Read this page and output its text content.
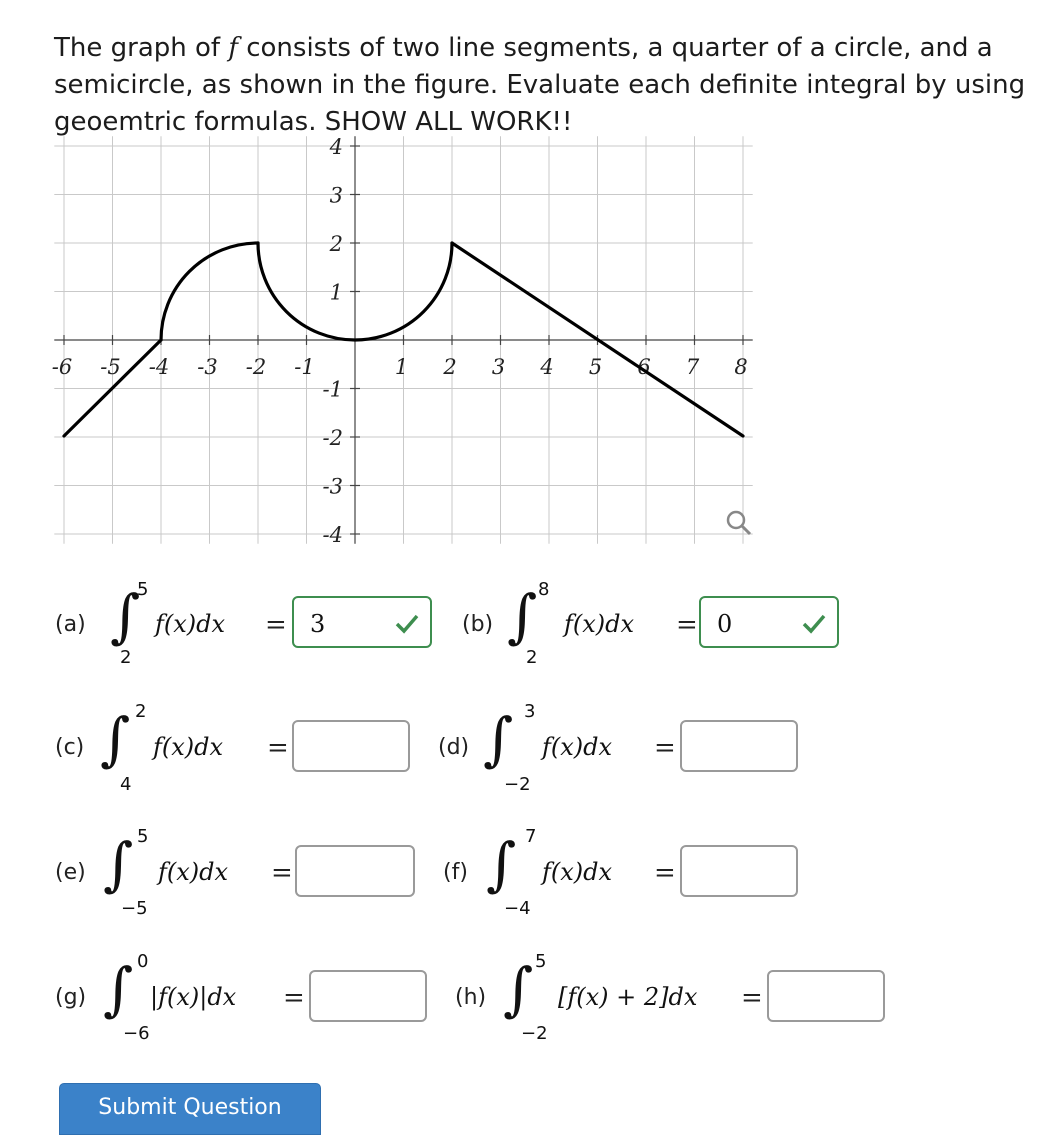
The graph of f consists of two line segments, a quarter of a circle, and a semicircle, as shown in the figure. Evaluate each definite integral by using geoemtric formulas. SHOW ALL WORK!!
-6 -5 -4 -3 -2 -1	1 2 3 4 5 6 7 8
4
3
2
1
-1
-2
-3
-4
(a) ∫
5
2
f(x)dx = 3	(b) ∫ 8
2
f(x)dx = 0
(c) ∫ 2
4
f(x)dx =	(d) ∫ 3
−2
f(x)dx =
(e) ∫ 5
−5
f(x)dx =	(f) ∫ 7
−4
f(x)dx =
(g) ∫ 0
−6
|f(x)|dx =	(h) ∫ 5
−2
[f(x) + 2]dx =
Submit Question
